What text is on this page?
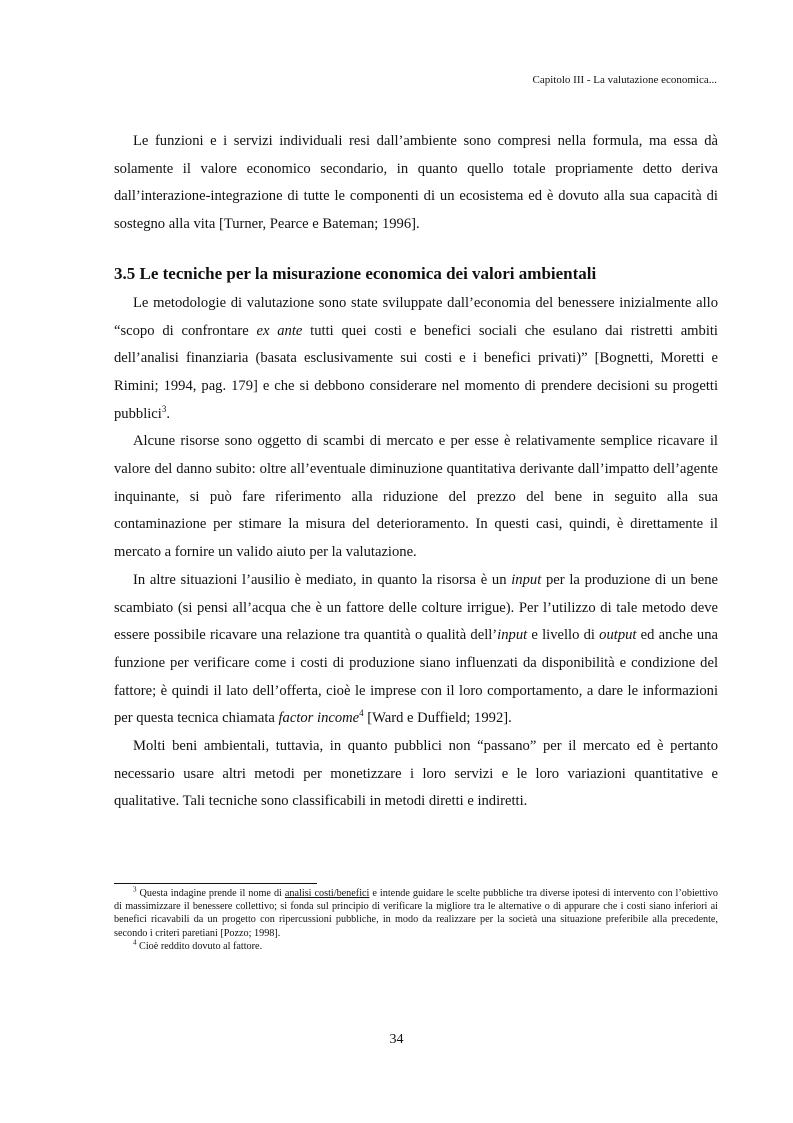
Capitolo III - La valutazione economica...

Le funzioni e i servizi individuali resi dall’ambiente sono compresi nella formula, ma essa dà solamente il valore economico secondario, in quanto quello totale propriamente detto deriva dall’interazione-integrazione di tutte le componenti di un ecosistema ed è dovuto alla sua capacità di sostegno alla vita [Turner, Pearce e Bateman; 1996].

3.5 Le tecniche per la misurazione economica dei valori ambientali

Le metodologie di valutazione sono state sviluppate dall’economia del benessere inizialmente allo “scopo di confrontare ex ante tutti quei costi e benefici sociali che esulano dai ristretti ambiti dell’analisi finanziaria (basata esclusivamente sui costi e i benefici privati)” [Bognetti, Moretti e Rimini; 1994, pag. 179] e che si debbono considerare nel momento di prendere decisioni su progetti pubblici$^3$.

Alcune risorse sono oggetto di scambi di mercato e per esse è relativamente semplice ricavare il valore del danno subito: oltre all’eventuale diminuzione quantitativa derivante dall’impatto dell’agente inquinante, si può fare riferimento alla riduzione del prezzo del bene in seguito alla sua contaminazione per stimare la misura del deterioramento. In questi casi, quindi, è direttamente il mercato a fornire un valido aiuto per la valutazione.

In altre situazioni l’ausilio è mediato, in quanto la risorsa è un input per la produzione di un bene scambiato (si pensi all’acqua che è un fattore delle colture irrigue). Per l’utilizzo di tale metodo deve essere possibile ricavare una relazione tra quantità o qualità dell’input e livello di output ed anche una funzione per verificare come i costi di produzione siano influenzati da disponibilità e condizione del fattore; è quindi il lato dell’offerta, cioè le imprese con il loro comportamento, a dare le informazioni per questa tecnica chiamata factor income$^4$ [Ward e Duffield; 1992].

Molti beni ambientali, tuttavia, in quanto pubblici non “passano” per il mercato ed è pertanto necessario usare altri metodi per monetizzare i loro servizi e le loro variazioni quantitative e qualitative. Tali tecniche sono classificabili in metodi diretti e indiretti.

$^3$ Questa indagine prende il nome di analisi costi/benefici e intende guidare le scelte pubbliche tra diverse ipotesi di intervento con l’obiettivo di massimizzare il benessere collettivo; si fonda sul principio di verificare la migliore tra le alternative o di appurare che i costi siano inferiori ai benefici ricavabili da un progetto con ripercussioni pubbliche, in modo da realizzare per la società una situazione preferibile alla precedente, secondo i criteri paretiani [Pozzo; 1998].

$^4$ Cioè reddito dovuto al fattore.

34
